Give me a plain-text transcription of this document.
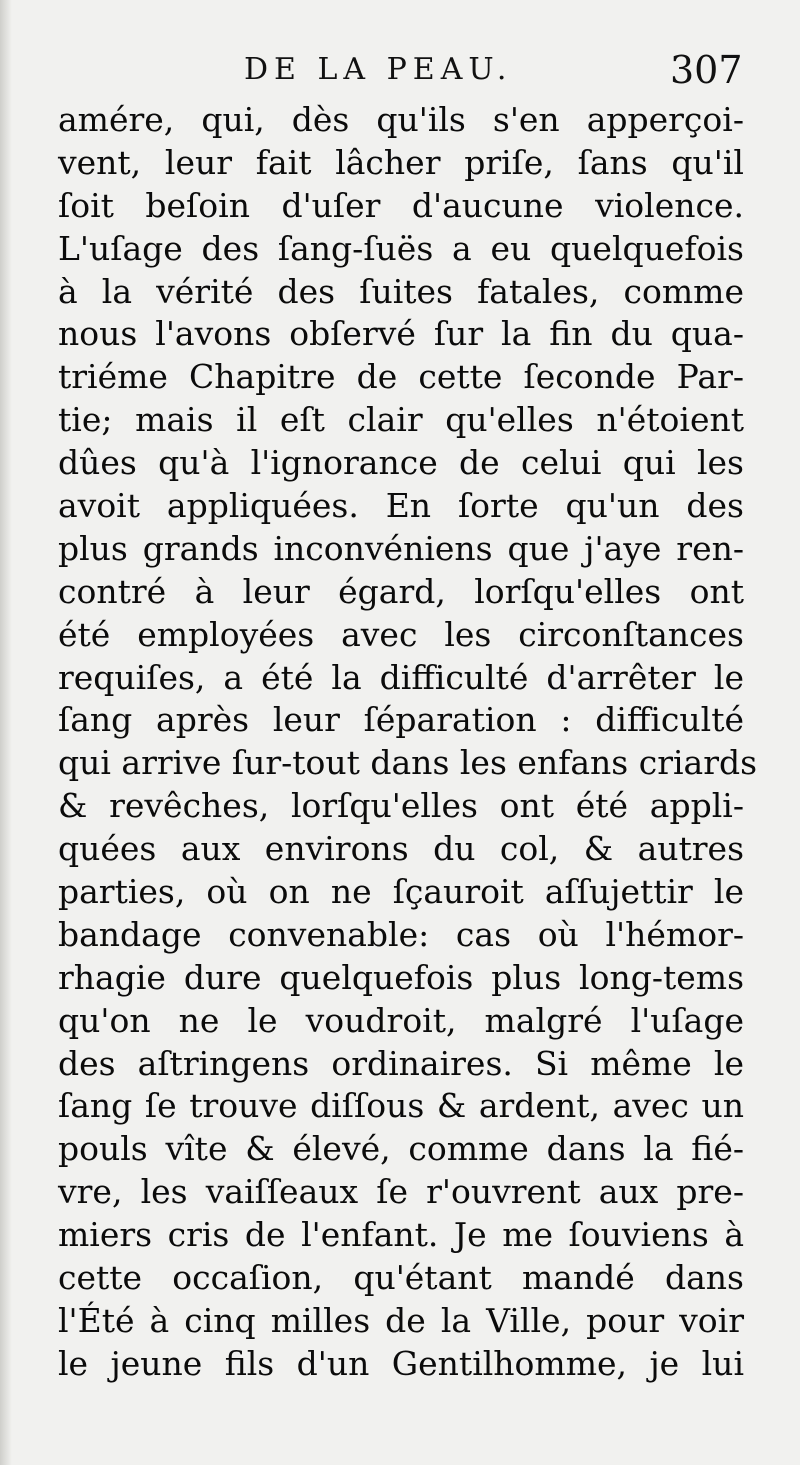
DE LA PEAU.	307
amére, qui, dès qu'ils s'en apperçoi-
vent, leur fait lâcher priſe, ſans qu'il
ſoit beſoin d'uſer d'aucune violence.
L'uſage des ſang-ſuës a eu quelquefois
à la vérité des ſuites fatales, comme
nous l'avons obſervé ſur la fin du qua-
triéme Chapitre de cette ſeconde Par-
tie; mais il eſt clair qu'elles n'étoient
dûes qu'à l'ignorance de celui qui les
avoit appliquées. En ſorte qu'un des
plus grands inconvéniens que j'aye ren-
contré à leur égard, lorſqu'elles ont
été employées avec les circonſtances
requiſes, a été la difficulté d'arrêter le
ſang après leur ſéparation : difficulté
qui arrive ſur-tout dans les enfans criards
& revêches, lorſqu'elles ont été appli-
quées aux environs du col, & autres
parties, où on ne ſçauroit aſſujettir le
bandage convenable: cas où l'hémor-
rhagie dure quelquefois plus long-tems
qu'on ne le voudroit, malgré l'uſage
des aſtringens ordinaires. Si même le
ſang ſe trouve diſſous & ardent, avec un
pouls vîte & élevé, comme dans la fié-
vre, les vaiſſeaux ſe r'ouvrent aux pre-
miers cris de l'enfant. Je me ſouviens à
cette occaſion, qu'étant mandé dans
l'Été à cinq milles de la Ville, pour voir
le jeune fils d'un Gentilhomme, je lui
